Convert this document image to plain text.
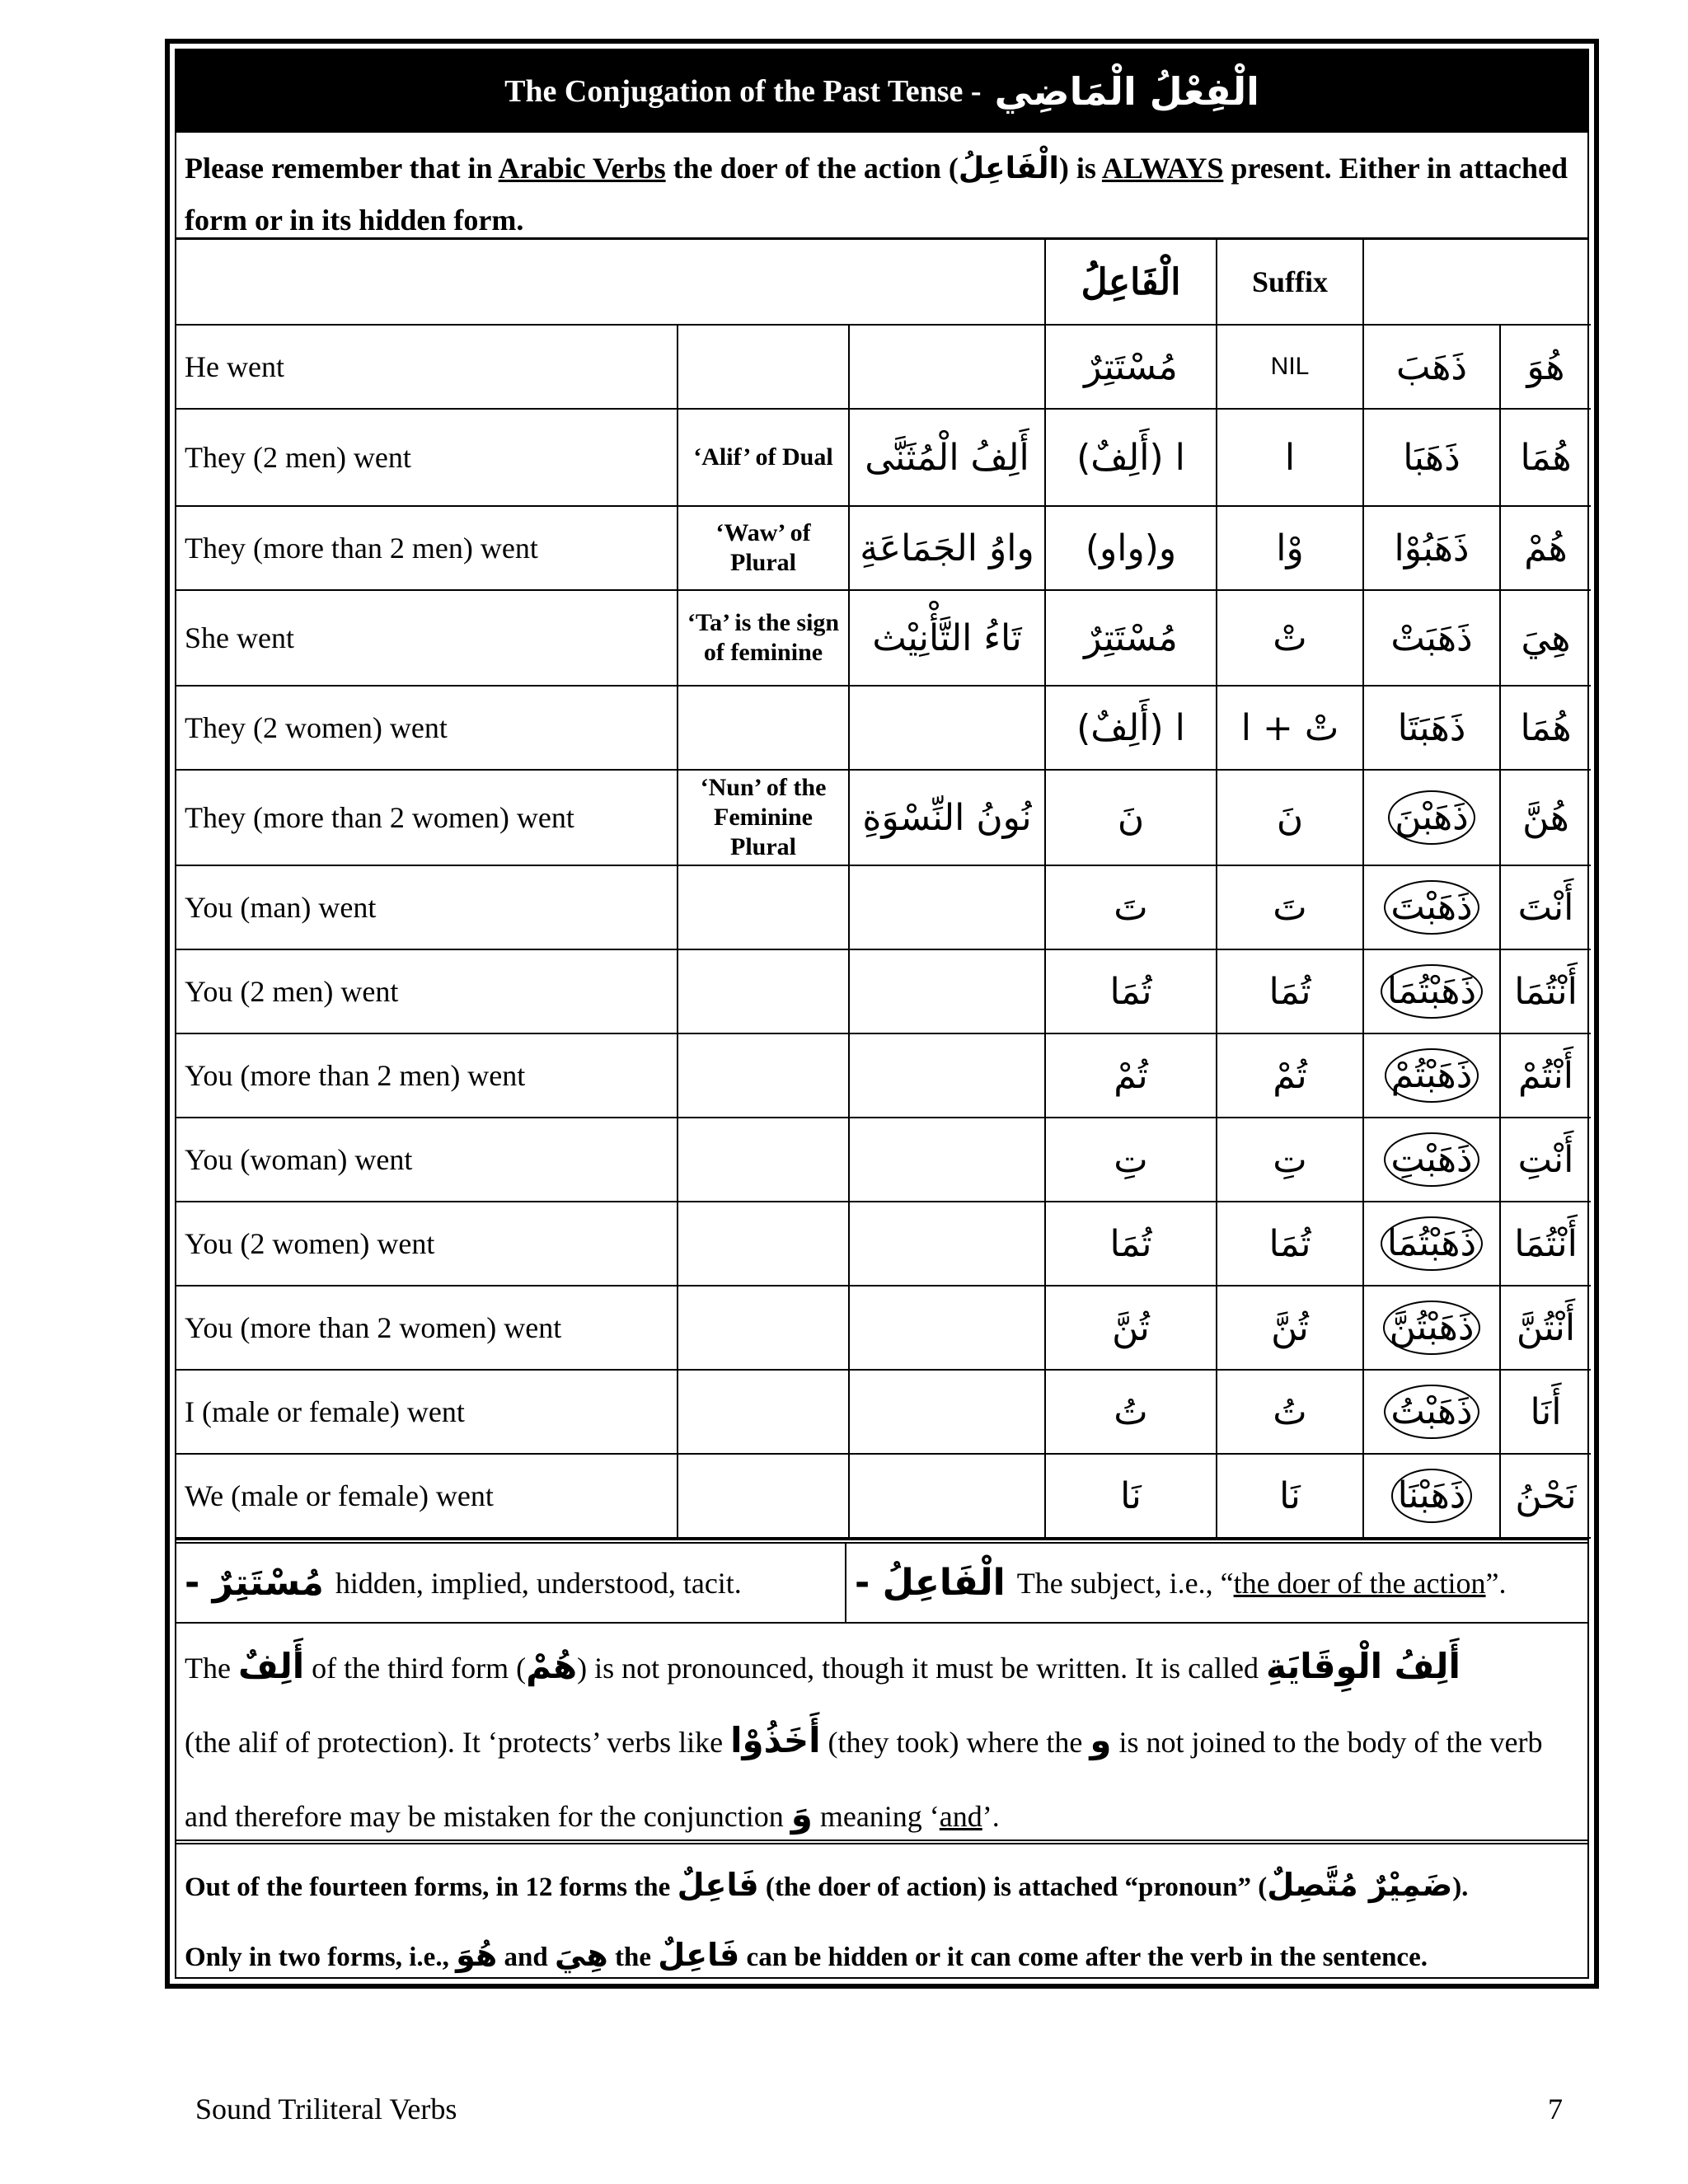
The Conjugation of the Past Tense - الْفِعْلُ الْمَاضِي
Please remember that in Arabic Verbs the doer of the action (الْفَاعِلُ) is ALWAYS present. Either in attached form or in its hidden form.
			الْفَاعِلُ	Suffix		
He went			مُسْتَتِرٌ	NIL	ذَهَبَ	هُوَ
They (2 men) went	‘Alif’ of Dual	أَلِفُ الْمُثَنَّى	ا (أَلِفٌ)	ا	ذَهَبَا	هُمَا
They (more than 2 men) went	‘Waw’ of Plural	واوُ الجَمَاعَةِ	و(واو)	وْا	ذَهَبُوْا	هُمْ
She went	‘Ta’ is the sign of feminine	تَاءُ التَّأْنِيْث	مُسْتَتِرٌ	تْ	ذَهَبَتْ	هِيَ
They (2 women) went			ا (أَلِفٌ)	تْ + ا	ذَهَبَتَا	هُمَا
They (more than 2 women) went	‘Nun’ of the Feminine Plural	نُونُ النِّسْوَةِ	نَ	نَ	ذَهَبْنَ	هُنَّ
You (man) went			تَ	تَ	ذَهَبْتَ	أَنْتَ
You (2 men) went			تُمَا	تُمَا	ذَهَبْتُمَا	أَنْتُمَا
You (more than 2 men) went			تُمْ	تُمْ	ذَهَبْتُمْ	أَنْتُمْ
You (woman) went			تِ	تِ	ذَهَبْتِ	أَنْتِ
You (2 women) went			تُمَا	تُمَا	ذَهَبْتُمَا	أَنْتُمَا
You (more than 2 women) went			تُنَّ	تُنَّ	ذَهَبْتُنَّ	أَنْتُنَّ
I (male or female) went			تُ	تُ	ذَهَبْتُ	أَنَا
We (male or female) went			نَا	نَا	ذَهَبْنَا	نَحْنُ
مُسْتَتِرٌ - hidden, implied, understood, tacit.	الْفَاعِلُ - The subject, i.e., “the doer of the action”.
The أَلِفٌ of the third form (هُمْ) is not pronounced, though it must be written. It is called أَلِفُ الْوِقَايَةِ
(the alif of protection). It ‘protects’ verbs like أَخَذُوْا (they took) where the و is not joined to the body of the verb and therefore may be mistaken for the conjunction وَ meaning ‘and’.
Out of the fourteen forms, in 12 forms the فَاعِلٌ (the doer of action) is attached “pronoun” (ضَمِيْرٌ مُتَّصِلٌ).
Only in two forms, i.e., هُوَ and هِيَ the فَاعِلٌ can be hidden or it can come after the verb in the sentence.
Sound Triliteral Verbs	7
